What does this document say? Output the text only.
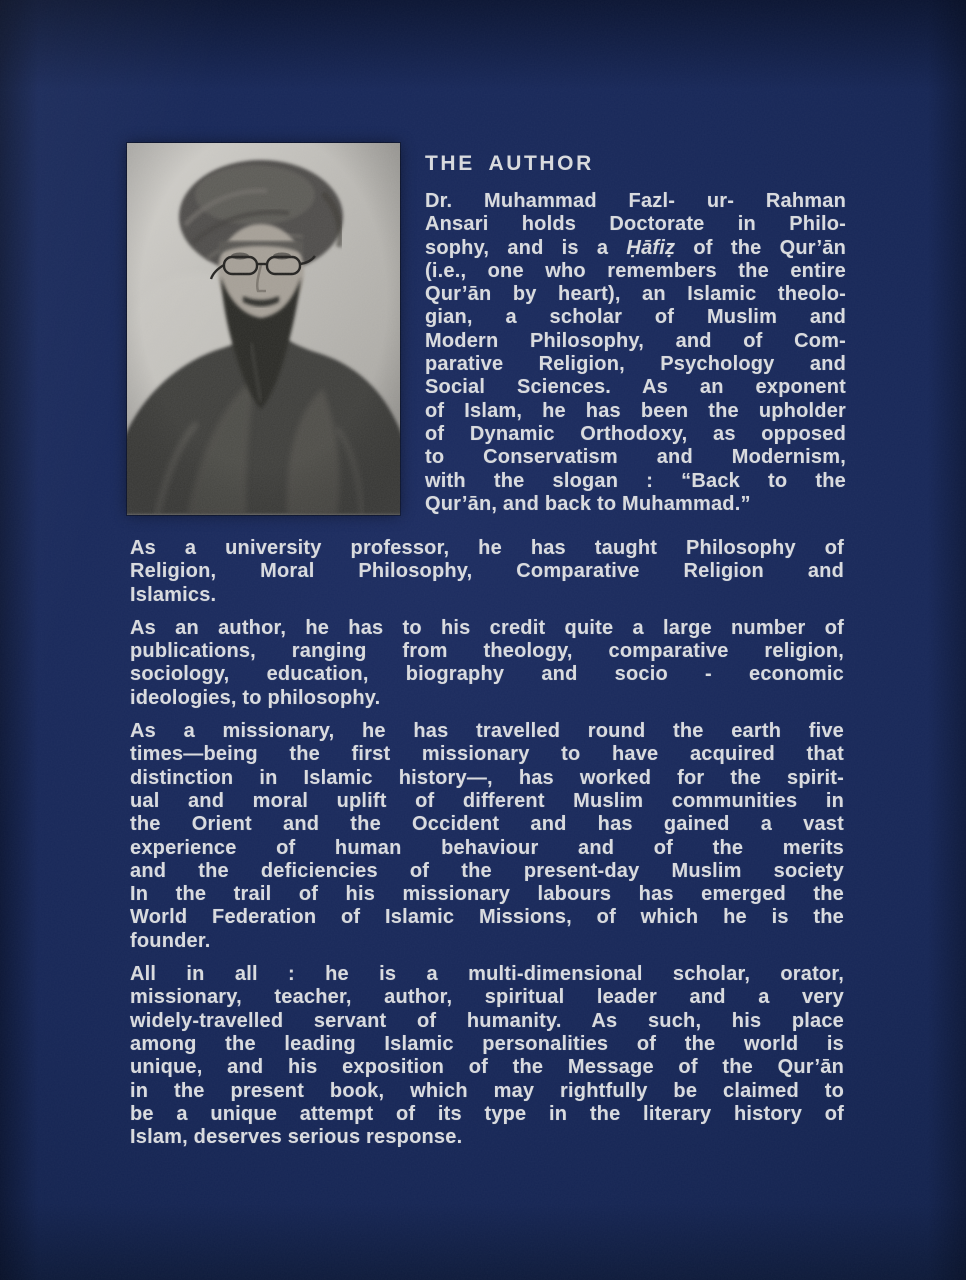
THE AUTHOR
Dr. Muhammad Fazl- ur- Rahman
Ansari holds Doctorate in Philo-
sophy, and is a Ḥāfiẓ of the Qur’ān
(i.e., one who remembers the entire
Qur’ān by heart), an Islamic theolo-
gian, a scholar of Muslim and
Modern Philosophy, and of Com-
parative Religion, Psychology and
Social Sciences. As an exponent
of Islam, he has been the upholder
of Dynamic Orthodoxy, as opposed
to Conservatism and Modernism,
with the slogan : “Back to the
Qur’ān, and back to Muhammad.”
As a university professor, he has taught Philosophy of
Religion, Moral Philosophy, Comparative Religion and
Islamics.
As an author, he has to his credit quite a large number of
publications, ranging from theology, comparative religion,
sociology, education, biography and socio - economic
ideologies, to philosophy.
As a missionary, he has travelled round the earth five
times—being the first missionary to have acquired that
distinction in Islamic history—, has worked for the spirit-
ual and moral uplift of different Muslim communities in
the Orient and the Occident and has gained a vast
experience of human behaviour and of the merits
and the deficiencies of the present-day Muslim society
In the trail of his missionary labours has emerged the
World Federation of Islamic Missions, of which he is the
founder.
All in all : he is a multi-dimensional scholar, orator,
missionary, teacher, author, spiritual leader and a very
widely-travelled servant of humanity. As such, his place
among the leading Islamic personalities of the world is
unique, and his exposition of the Message of the Qur’ān
in the present book, which may rightfully be claimed to
be a unique attempt of its type in the literary history of
Islam, deserves serious response.
